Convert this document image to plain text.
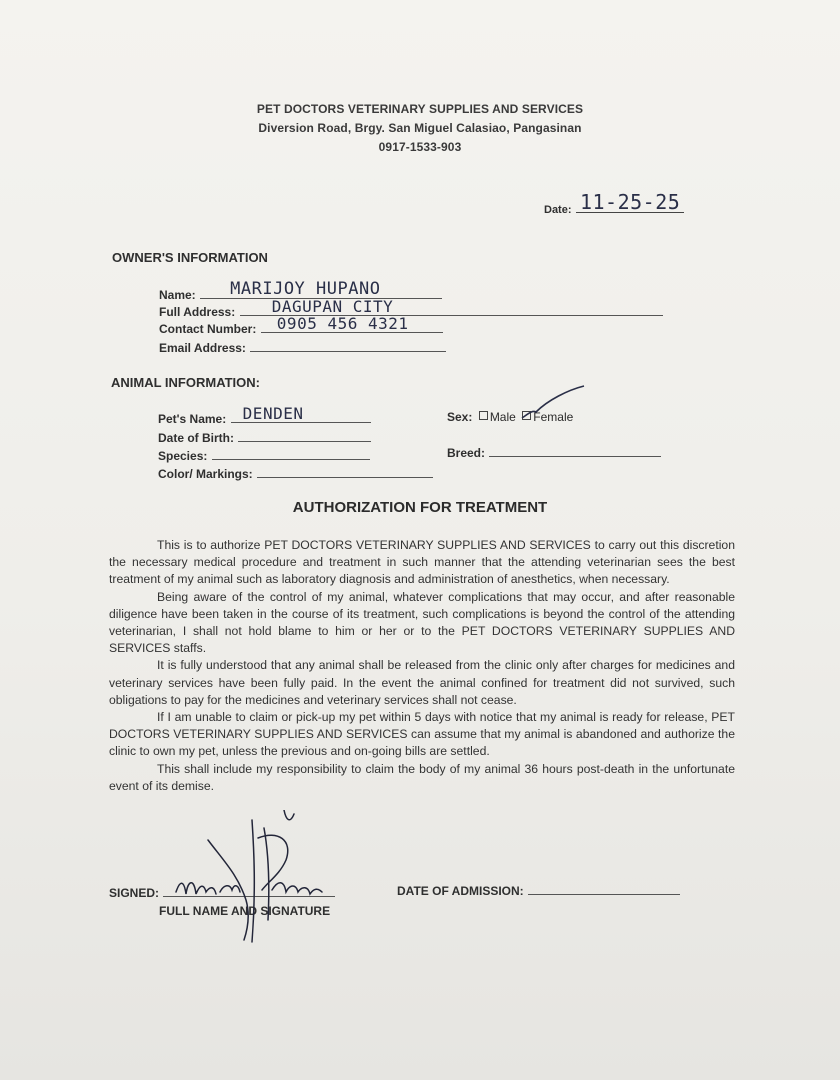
PET DOCTORS VETERINARY SUPPLIES AND SERVICES
Diversion Road, Brgy. San Miguel Calasiao, Pangasinan
0917-1533-903
Date: 11-25-25
OWNER'S INFORMATION
Name: MARIJOY HUPANO
Full Address: DAGUPAN CITY
Contact Number: 0905 456 4321
Email Address:
ANIMAL INFORMATION:
Pet's Name: DENDEN	Sex: Male Female
Date of Birth:
Species:	Breed:
Color/ Markings:
AUTHORIZATION FOR TREATMENT

This is to authorize PET DOCTORS VETERINARY SUPPLIES AND SERVICES to carry out this discretion the necessary medical procedure and treatment in such manner that the attending veterinarian sees the best treatment of my animal such as laboratory diagnosis and administration of anesthetics, when necessary.

Being aware of the control of my animal, whatever complications that may occur, and after reasonable diligence have been taken in the course of its treatment, such complications is beyond the control of the attending veterinarian, I shall not hold blame to him or her or to the PET DOCTORS VETERINARY SUPPLIES AND SERVICES staffs.

It is fully understood that any animal shall be released from the clinic only after charges for medicines and veterinary services have been fully paid. In the event the animal confined for treatment did not survived, such obligations to pay for the medicines and veterinary services shall not cease.

If I am unable to claim or pick-up my pet within 5 days with notice that my animal is ready for release, PET DOCTORS VETERINARY SUPPLIES AND SERVICES can assume that my animal is abandoned and authorize the clinic to own my pet, unless the previous and on-going bills are settled.

This shall include my responsibility to claim the body of my animal 36 hours post-death in the unfortunate event of its demise.

SIGNED:
FULL NAME AND SIGNATURE
DATE OF ADMISSION:
